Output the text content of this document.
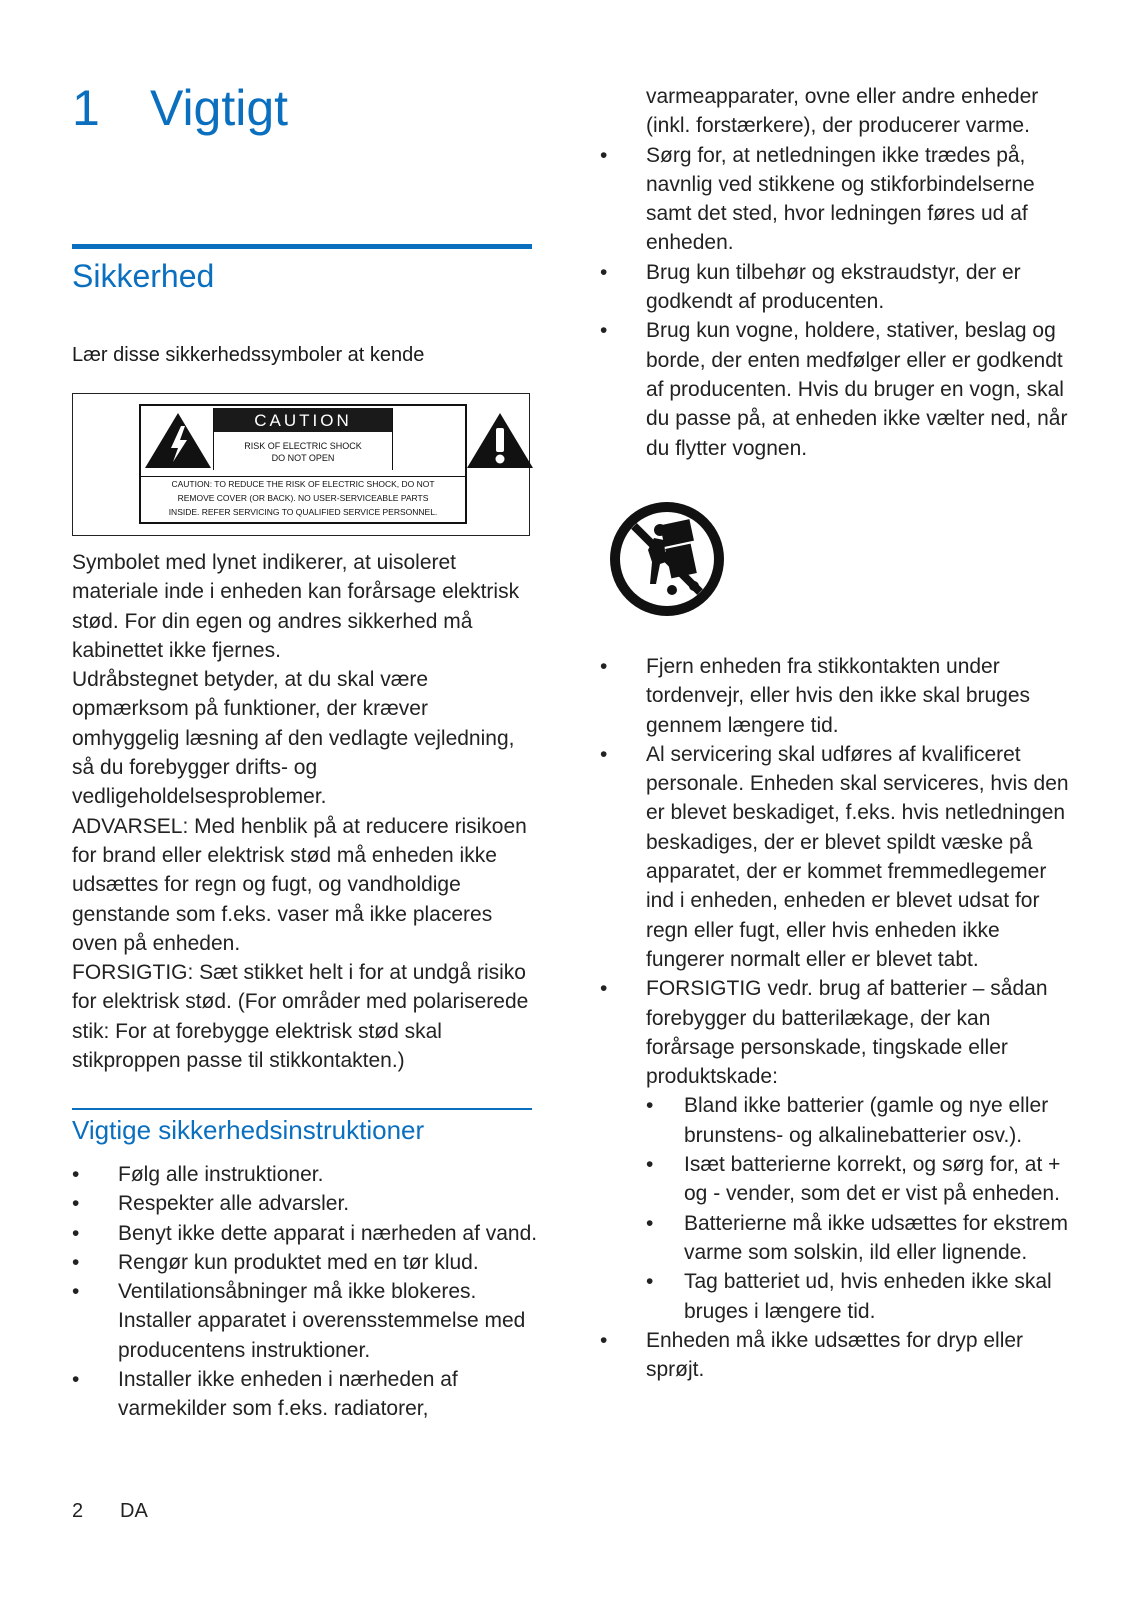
1 Vigtigt
Sikkerhed

Lær disse sikkerhedssymboler at kende

CAUTION
RISK OF ELECTRIC SHOCK
DO NOT OPEN
CAUTION: TO REDUCE THE RISK OF ELECTRIC SHOCK, DO NOT
REMOVE COVER (OR BACK). NO USER-SERVICEABLE PARTS
INSIDE. REFER SERVICING TO QUALIFIED SERVICE PERSONNEL.

Symbolet med lynet indikerer, at uisoleret materiale inde i enheden kan forårsage elektrisk stød. For din egen og andres sikkerhed må kabinettet ikke fjernes.

Udråbstegnet betyder, at du skal være opmærksom på funktioner, der kræver omhyggelig læsning af den vedlagte vejledning, så du forebygger drifts- og vedligeholdelsesproblemer.

ADVARSEL: Med henblik på at reducere risikoen for brand eller elektrisk stød må enheden ikke udsættes for regn og fugt, og vandholdige genstande som f.eks. vaser må ikke placeres oven på enheden.

FORSIGTIG: Sæt stikket helt i for at undgå risiko for elektrisk stød. (For områder med polariserede stik: For at forebygge elektrisk stød skal stikproppen passe til stikkontakten.)

Vigtige sikkerhedsinstruktioner
• Følg alle instruktioner.
• Respekter alle advarsler.
• Benyt ikke dette apparat i nærheden af vand.
• Rengør kun produktet med en tør klud.
• Ventilationsåbninger må ikke blokeres. Installer apparatet i overensstemmelse med producentens instruktioner.
• Installer ikke enheden i nærheden af varmekilder som f.eks. radiatorer,
varmeapparater, ovne eller andre enheder (inkl. forstærkere), der producerer varme.
• Sørg for, at netledningen ikke trædes på, navnlig ved stikkene og stikforbindelserne samt det sted, hvor ledningen føres ud af enheden.
• Brug kun tilbehør og ekstraudstyr, der er godkendt af producenten.
• Brug kun vogne, holdere, stativer, beslag og borde, der enten medfølger eller er godkendt af producenten. Hvis du bruger en vogn, skal du passe på, at enheden ikke vælter ned, når du flytter vognen.
• Fjern enheden fra stikkontakten under tordenvejr, eller hvis den ikke skal bruges gennem længere tid.
• Al servicering skal udføres af kvalificeret personale. Enheden skal serviceres, hvis den er blevet beskadiget, f.eks. hvis netledningen beskadiges, der er blevet spildt væske på apparatet, der er kommet fremmedlegemer ind i enheden, enheden er blevet udsat for regn eller fugt, eller hvis enheden ikke fungerer normalt eller er blevet tabt.
• FORSIGTIG vedr. brug af batterier – sådan forebygger du batterilækage, der kan forårsage personskade, tingskade eller produktskade:
• Bland ikke batterier (gamle og nye eller brunstens- og alkalinebatterier osv.).
• Isæt batterierne korrekt, og sørg for, at + og - vender, som det er vist på enheden.
• Batterierne må ikke udsættes for ekstrem varme som solskin, ild eller lignende.
• Tag batteriet ud, hvis enheden ikke skal bruges i længere tid.
• Enheden må ikke udsættes for dryp eller sprøjt.
2 DA
